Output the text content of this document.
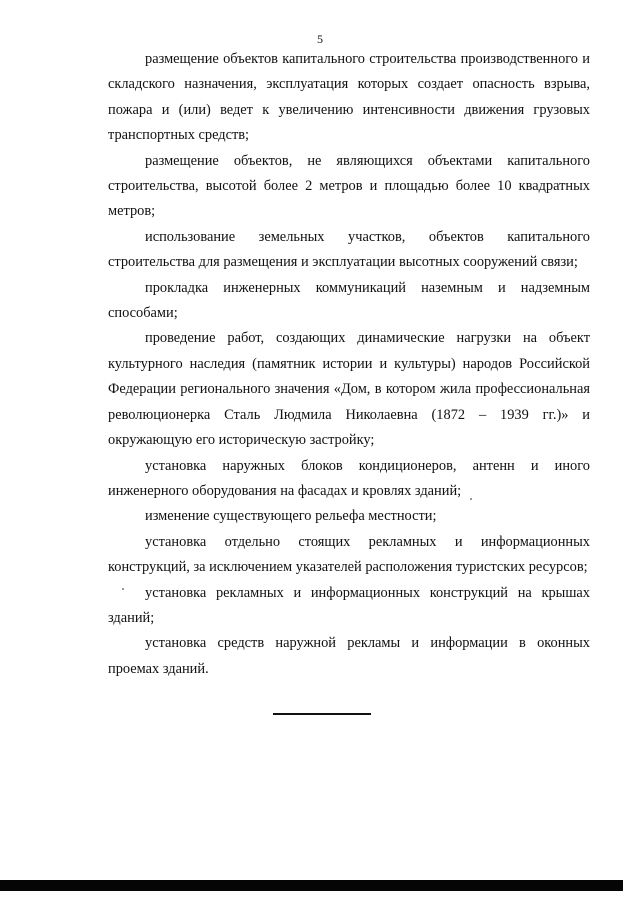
5

размещение объектов капитального строительства производственного и складского назначения, эксплуатация которых создает опасность взрыва, пожара и (или) ведет к увеличению интенсивности движения грузовых транспортных средств;

размещение объектов, не являющихся объектами капитального строительства, высотой более 2 метров и площадью более 10 квадратных метров;

использование земельных участков, объектов капитального строительства для размещения и эксплуатации высотных сооружений связи;

прокладка инженерных коммуникаций наземным и надземным способами;

проведение работ, создающих динамические нагрузки на объект культурного наследия (памятник истории и культуры) народов Российской Федерации регионального значения «Дом, в котором жила профессиональная революционерка Сталь Людмила Николаевна (1872 – 1939 гг.)» и окружающую его историческую застройку;

установка наружных блоков кондиционеров, антенн и иного инженерного оборудования на фасадах и кровлях зданий;

изменение существующего рельефа местности;

установка отдельно стоящих рекламных и информационных конструкций, за исключением указателей расположения туристских ресурсов;

установка рекламных и информационных конструкций на крышах зданий;

установка средств наружной рекламы и информации в оконных проемах зданий.
